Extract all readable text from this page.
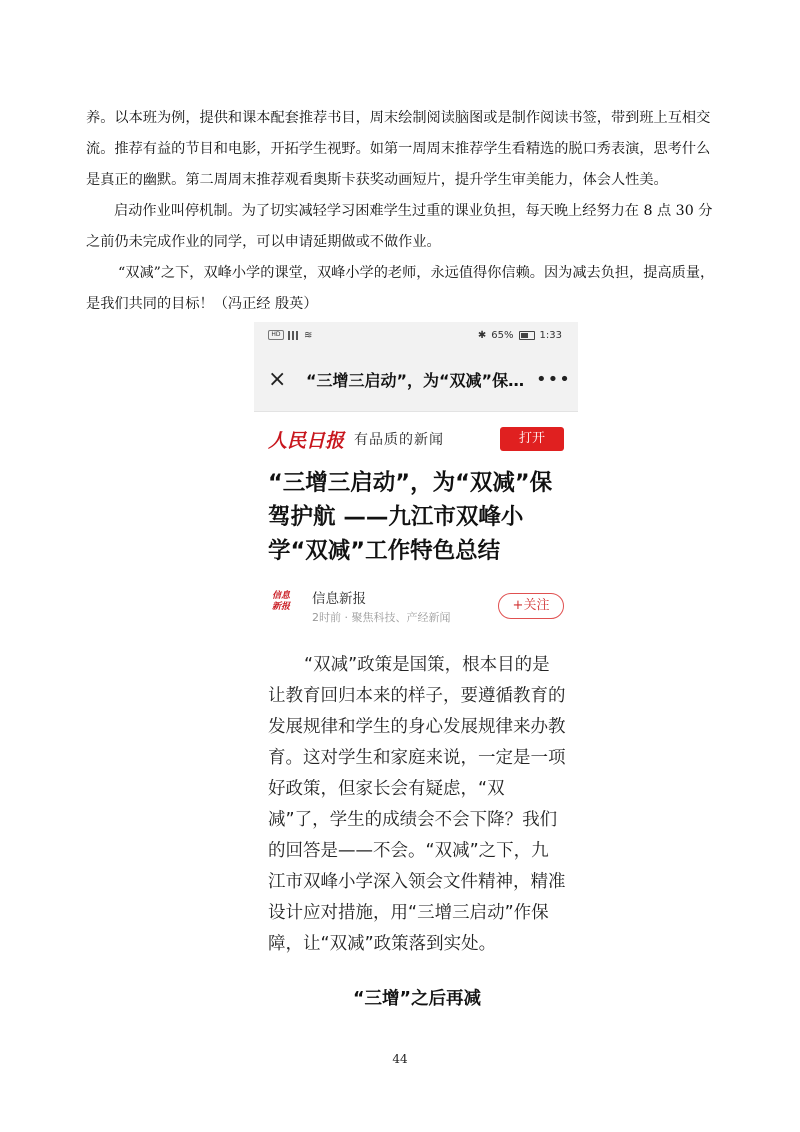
养。以本班为例，提供和课本配套推荐书目，周末绘制阅读脑图或是制作阅读书签，带到班上互相交流。推荐有益的节目和电影，开拓学生视野。如第一周周末推荐学生看精选的脱口秀表演，思考什么是真正的幽默。第二周周末推荐观看奥斯卡获奖动画短片，提升学生审美能力，体会人性美。

启动作业叫停机制。为了切实减轻学习困难学生过重的课业负担，每天晚上经努力在 8 点 30 分之前仍未完成作业的同学，可以申请延期做或不做作业。

“双减”之下，双峰小学的课堂，双峰小学的老师，永远值得你信赖。因为减去负担，提高质量，是我们共同的目标！（冯正经 殷英）

HD	≋	✱ 65%	1:33
×	“三增三启动”，为“双减”保… •••
人民日报 有品质的新闻	打开
“三增三启动”，为“双减”保驾护航 ——九江市双峰小学“双减”工作特色总结
信息新报	信息新报
2时前 · 聚焦科技、产经新闻
+关注

“双减”政策是国策，根本目的是让教育回归本来的样子，要遵循教育的发展规律和学生的身心发展规律来办教育。这对学生和家庭来说，一定是一项好政策，但家长会有疑虑，“双减”了，学生的成绩会不会下降？我们的回答是——不会。“双减”之下，九江市双峰小学深入领会文件精神，精准设计应对措施，用“三增三启动”作保障，让“双减”政策落到实处。

“三增”之后再减

44
